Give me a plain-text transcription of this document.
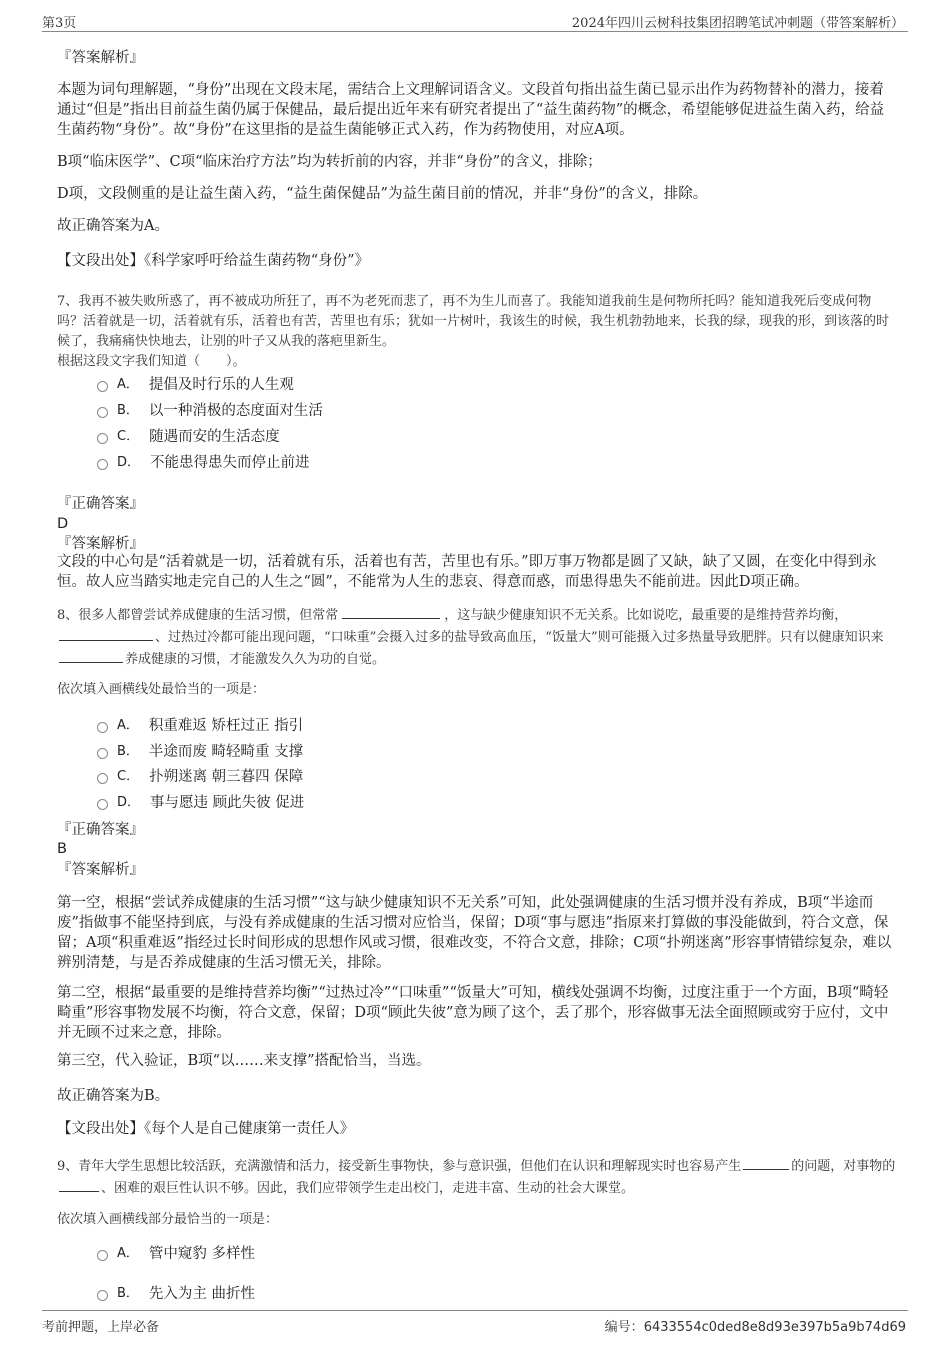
第3页	2024年四川云树科技集团招聘笔试冲刺题（带答案解析）
『答案解析』
本题为词句理解题，“身份”出现在文段末尾，需结合上文理解词语含义。文段首句指出益生菌已显示出作为药物替补的潜力，接着通过“但是”指出目前益生菌仍属于保健品，最后提出近年来有研究者提出了“益生菌药物”的概念，希望能够促进益生菌入药，给益生菌药物“身份”。故“身份”在这里指的是益生菌能够正式入药，作为药物使用，对应A项。
B项“临床医学”、C项“临床治疗方法”均为转折前的内容，并非“身份”的含义，排除；
D项，文段侧重的是让益生菌入药，“益生菌保健品”为益生菌目前的情况，并非“身份”的含义，排除。
故正确答案为A。
【文段出处】《科学家呼吁给益生菌药物“身份”》
7、我再不被失败所惑了，再不被成功所狂了，再不为老死而悲了，再不为生儿而喜了。我能知道我前生是何物所托吗？能知道我死后变成何物吗？活着就是一切，活着就有乐，活着也有苦，苦里也有乐；犹如一片树叶，我该生的时候，我生机勃勃地来，长我的绿，现我的形，到该落的时候了，我痛痛快快地去，让别的叶子又从我的落疤里新生。
根据这段文字我们知道（　　）。
A． 提倡及时行乐的人生观
B． 以一种消极的态度面对生活
C． 随遇而安的生活态度
D． 不能患得患失而停止前进
『正确答案』
D
『答案解析』
文段的中心句是“活着就是一切，活着就有乐，活着也有苦，苦里也有乐。”即万事万物都是圆了又缺，缺了又圆，在变化中得到永恒。故人应当踏实地走完自己的人生之“圆”，不能常为人生的悲哀、得意而惑，而患得患失不能前进。因此D项正确。
8、很多人都曾尝试养成健康的生活习惯，但常常	，这与缺少健康知识不无关系。比如说吃，最重要的是维持营养均衡，、过热过冷都可能出现问题，“口味重”会摄入过多的盐导致高血压，“饭量大”则可能摄入过多热量导致肥胖。只有以健康知识来养成健康的习惯，才能激发久久为功的自觉。
依次填入画横线处最恰当的一项是：
A． 积重难返 矫枉过正 指引
B． 半途而废 畸轻畸重 支撑
C． 扑朔迷离 朝三暮四 保障
D． 事与愿违 顾此失彼 促进
『正确答案』
B
『答案解析』
第一空，根据“尝试养成健康的生活习惯”“这与缺少健康知识不无关系”可知，此处强调健康的生活习惯并没有养成，B项“半途而废”指做事不能坚持到底，与没有养成健康的生活习惯对应恰当，保留；D项“事与愿违”指原来打算做的事没能做到，符合文意，保留；A项“积重难返”指经过长时间形成的思想作风或习惯，很难改变，不符合文意，排除；C项“扑朔迷离”形容事情错综复杂，难以辨别清楚，与是否养成健康的生活习惯无关，排除。
第二空，根据“最重要的是维持营养均衡”“过热过冷”“口味重”“饭量大”可知，横线处强调不均衡，过度注重于一个方面，B项“畸轻畸重”形容事物发展不均衡，符合文意，保留；D项“顾此失彼”意为顾了这个，丢了那个，形容做事无法全面照顾或穷于应付，文中并无顾不过来之意，排除。
第三空，代入验证，B项“以……来支撑”搭配恰当，当选。
故正确答案为B。
【文段出处】《每个人是自己健康第一责任人》
9、青年大学生思想比较活跃，充满激情和活力，接受新生事物快，参与意识强，但他们在认识和理解现实时也容易产生	的问题，对事物的、困难的艰巨性认识不够。因此，我们应带领学生走出校门，走进丰富、生动的社会大课堂。
依次填入画横线部分最恰当的一项是：
A． 管中窥豹 多样性
B． 先入为主 曲折性
考前押题，上岸必备	编号：6433554c0ded8e8d93e397b5a9b74d69
